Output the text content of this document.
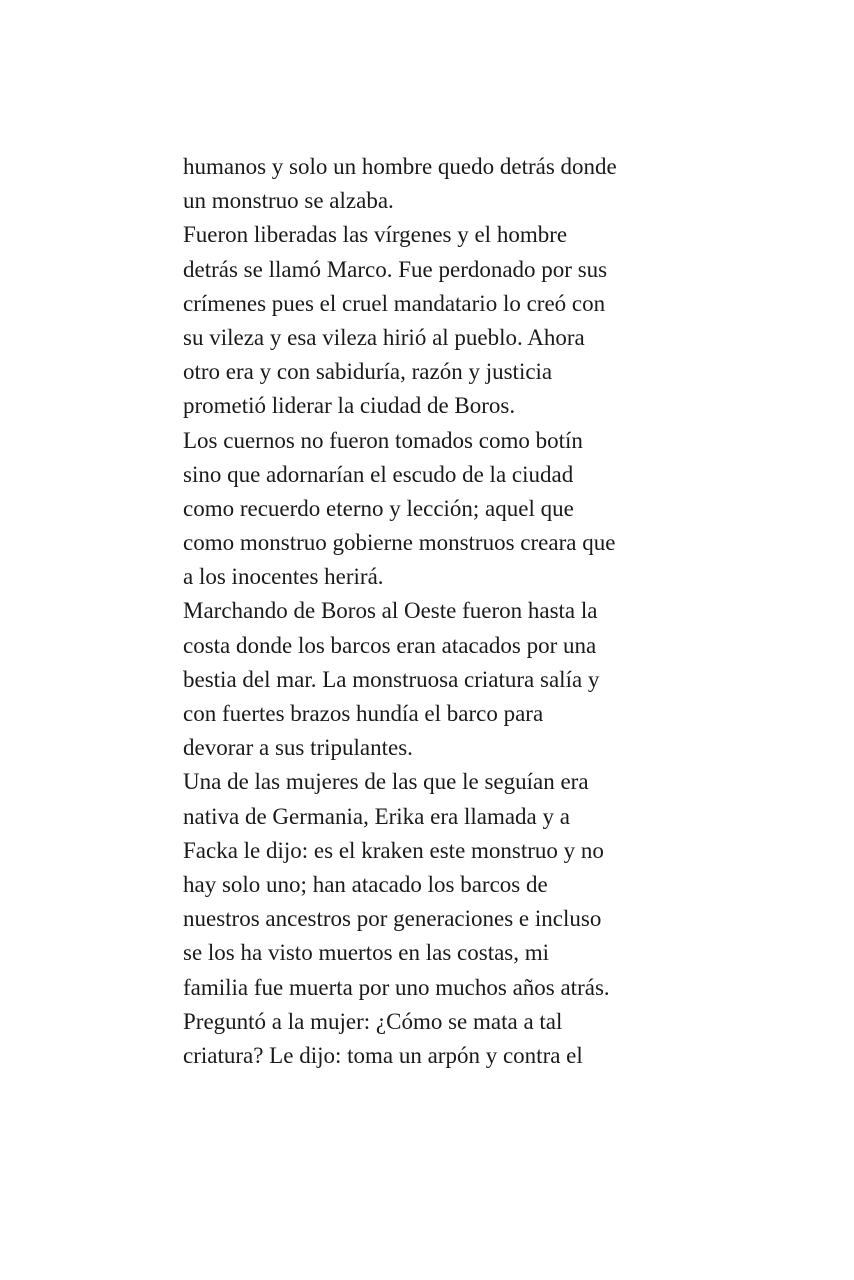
humanos y solo un hombre quedo detrás donde
un monstruo se alzaba.
Fueron liberadas las vírgenes y el hombre
detrás se llamó Marco. Fue perdonado por sus
crímenes pues el cruel mandatario lo creó con
su vileza y esa vileza hirió al pueblo. Ahora
otro era y con sabiduría, razón y justicia
prometió liderar la ciudad de Boros.
Los cuernos no fueron tomados como botín
sino que adornarían el escudo de la ciudad
como recuerdo eterno y lección; aquel que
como monstruo gobierne monstruos creara que
a los inocentes herirá.
Marchando de Boros al Oeste fueron hasta la
costa donde los barcos eran atacados por una
bestia del mar. La monstruosa criatura salía y
con fuertes brazos hundía el barco para
devorar a sus tripulantes.
Una de las mujeres de las que le seguían era
nativa de Germania, Erika era llamada y a
Facka le dijo: es el kraken este monstruo y no
hay solo uno; han atacado los barcos de
nuestros ancestros por generaciones e incluso
se los ha visto muertos en las costas, mi
familia fue muerta por uno muchos años atrás.
Preguntó a la mujer: ¿Cómo se mata a tal
criatura? Le dijo: toma un arpón y contra el
